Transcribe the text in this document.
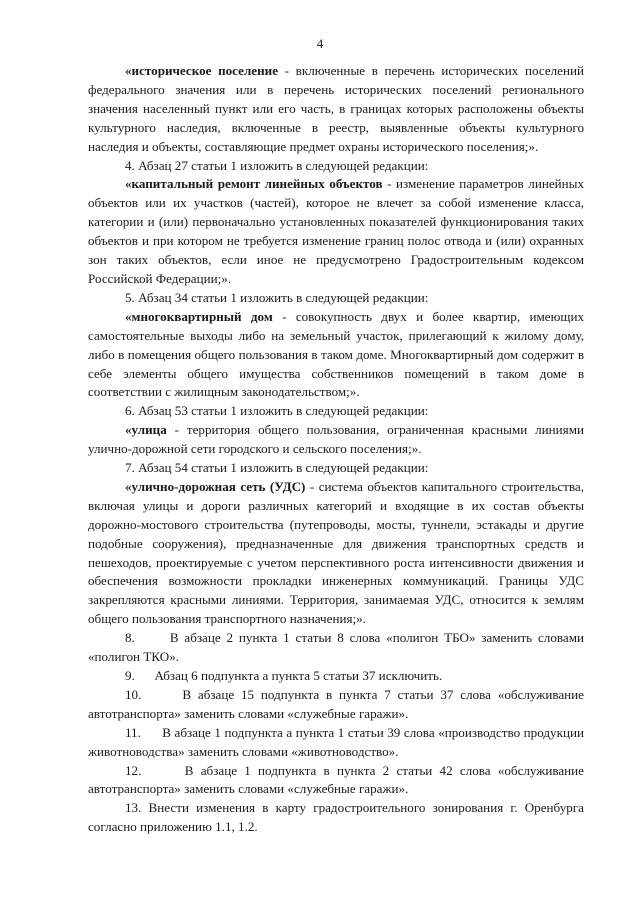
4

«историческое поселение - включенные в перечень исторических поселений федерального значения или в перечень исторических поселений регионального значения населенный пункт или его часть, в границах которых расположены объекты культурного наследия, включенные в реестр, выявленные объекты культурного наследия и объекты, составляющие предмет охраны исторического поселения;».

4. Абзац 27 статьи 1 изложить в следующей редакции:

«капитальный ремонт линейных объектов - изменение параметров линейных объектов или их участков (частей), которое не влечет за собой изменение класса, категории и (или) первоначально установленных показателей функционирования таких объектов и при котором не требуется изменение границ полос отвода и (или) охранных зон таких объектов, если иное не предусмотрено Градостроительным кодексом Российской Федерации;».

5. Абзац 34 статьи 1 изложить в следующей редакции:

«многоквартирный дом - совокупность двух и более квартир, имеющих самостоятельные выходы либо на земельный участок, прилегающий к жилому дому, либо в помещения общего пользования в таком доме. Многоквартирный дом содержит в себе элементы общего имущества собственников помещений в таком доме в соответствии с жилищным законодательством;».

6. Абзац 53 статьи 1 изложить в следующей редакции:

«улица - территория общего пользования, ограниченная красными линиями улично-дорожной сети городского и сельского поселения;».

7. Абзац 54 статьи 1 изложить в следующей редакции:

«улично-дорожная сеть (УДС) - система объектов капитального строительства, включая улицы и дороги различных категорий и входящие в их состав объекты дорожно-мостового строительства (путепроводы, мосты, туннели, эстакады и другие подобные сооружения), предназначенные для движения транспортных средств и пешеходов, проектируемые с учетом перспективного роста интенсивности движения и обеспечения возможности прокладки инженерных коммуникаций. Границы УДС закрепляются красными линиями. Территория, занимаемая УДС, относится к землям общего пользования транспортного назначения;».

8.      В абзаце 2 пункта 1 статьи 8 слова «полигон ТБО» заменить словами «полигон ТКО».

9.      Абзац 6 подпункта а пункта 5 статьи 37 исключить.

10.      В абзаце 15 подпункта в пункта 7 статьи 37 слова «обслуживание автотранспорта» заменить словами «служебные гаражи».

11.      В абзаце 1 подпункта а пункта 1 статьи 39 слова «производство продукции животноводства» заменить словами «животноводство».

12.      В абзаце 1 подпункта в пункта 2 статьи 42 слова «обслуживание автотранспорта» заменить словами «служебные гаражи».

13. Внести изменения в карту градостроительного зонирования г. Оренбурга согласно приложению 1.1, 1.2.
